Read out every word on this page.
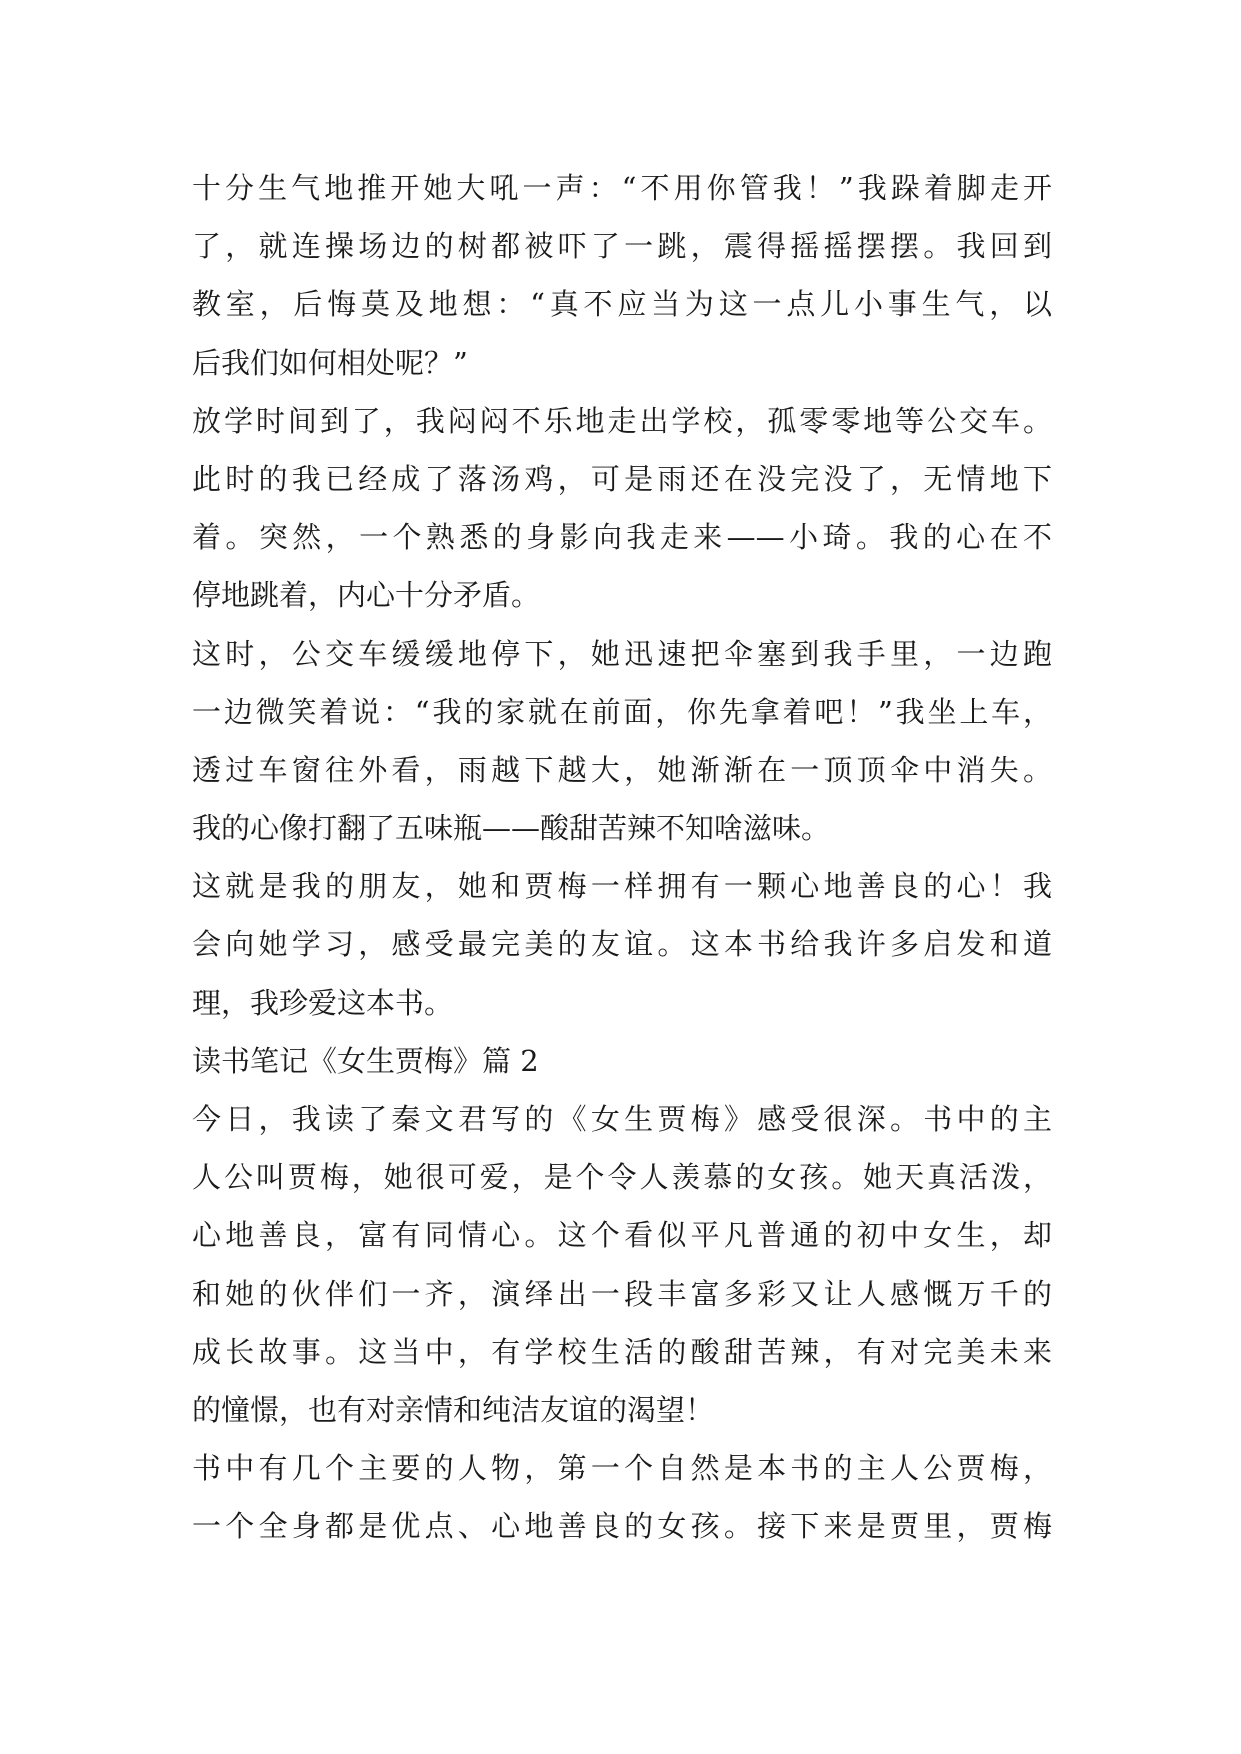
十分生气地推开她大吼一声：“不用你管我！”我跺着脚走开
了，就连操场边的树都被吓了一跳，震得摇摇摆摆。我回到
教室，后悔莫及地想：“真不应当为这一点儿小事生气，以
后我们如何相处呢？”
放学时间到了，我闷闷不乐地走出学校，孤零零地等公交车。
此时的我已经成了落汤鸡，可是雨还在没完没了，无情地下
着。突然，一个熟悉的身影向我走来——小琦。我的心在不
停地跳着，内心十分矛盾。
这时，公交车缓缓地停下，她迅速把伞塞到我手里，一边跑
一边微笑着说：“我的家就在前面，你先拿着吧！”我坐上车，
透过车窗往外看，雨越下越大，她渐渐在一顶顶伞中消失。
我的心像打翻了五味瓶——酸甜苦辣不知啥滋味。
这就是我的朋友，她和贾梅一样拥有一颗心地善良的心！我
会向她学习，感受最完美的友谊。这本书给我许多启发和道
理，我珍爱这本书。
读书笔记《女生贾梅》篇 2
今日，我读了秦文君写的《女生贾梅》感受很深。书中的主
人公叫贾梅，她很可爱，是个令人羡慕的女孩。她天真活泼，
心地善良，富有同情心。这个看似平凡普通的初中女生，却
和她的伙伴们一齐，演绎出一段丰富多彩又让人感慨万千的
成长故事。这当中，有学校生活的酸甜苦辣，有对完美未来
的憧憬，也有对亲情和纯洁友谊的渴望！
书中有几个主要的人物，第一个自然是本书的主人公贾梅，
一个全身都是优点、心地善良的女孩。接下来是贾里，贾梅
